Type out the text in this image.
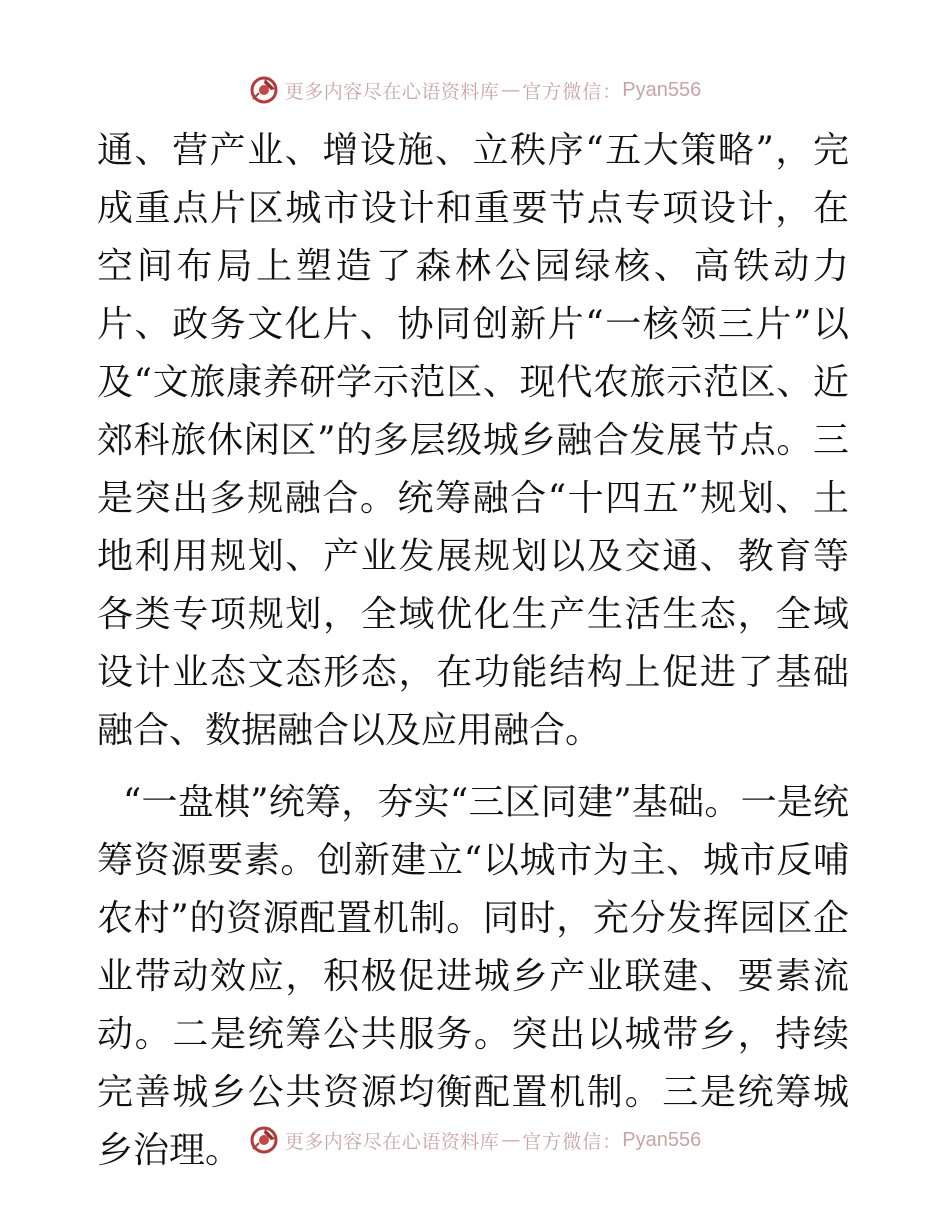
更多内容尽在心语资料库 — 官方微信： Pyan556

通、营产业、增设施、立秩序“五大策略”，完成重点片区城市设计和重要节点专项设计，在空间布局上塑造了森林公园绿核、高铁动力片、政务文化片、协同创新片“一核领三片”以及“文旅康养研学示范区、现代农旅示范区、近郊科旅休闲区”的多层级城乡融合发展节点。三是突出多规融合。统筹融合“十四五”规划、土地利用规划、产业发展规划以及交通、教育等各类专项规划，全域优化生产生活生态，全域设计业态文态形态，在功能结构上促进了基础融合、数据融合以及应用融合。

“一盘棋”统筹，夯实“三区同建”基础。一是统筹资源要素。创新建立“以城市为主、城市反哺农村”的资源配置机制。同时，充分发挥园区企业带动效应，积极促进城乡产业联建、要素流动。二是统筹公共服务。突出以城带乡，持续完善城乡公共资源均衡配置机制。三是统筹城乡治理。	更多内容尽在心语资料库 — 官方微信： Pyan556
